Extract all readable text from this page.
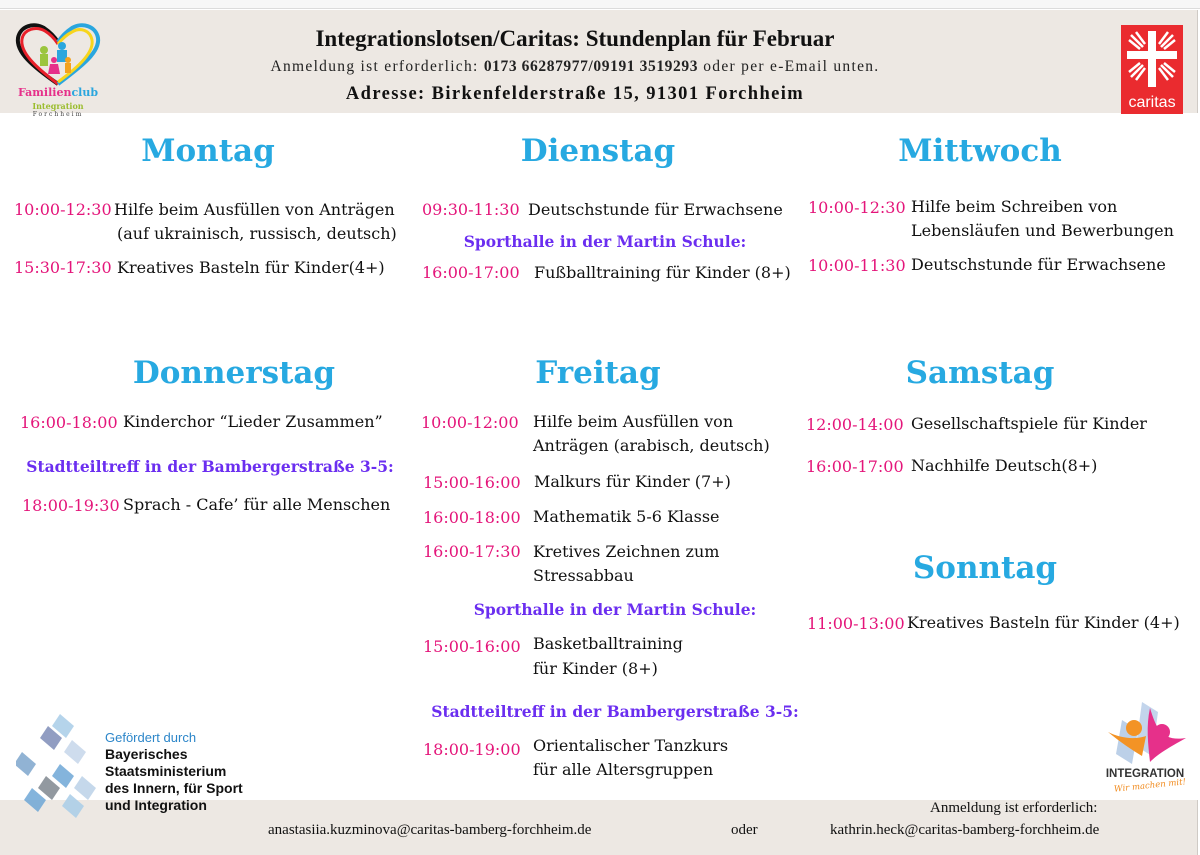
Familienclub
Integration
Forchheim
Integrationslotsen/Caritas: Stundenplan für Februar
Anmeldung ist erforderlich: 0173 66287977/09191 3519293 oder per e-Email unten.
Adresse: Birkenfelderstraße 15, 91301 Forchheim	caritas
Montag
10:00-12:30 Hilfe beim Ausfüllen von Anträgen
(auf ukrainisch, russisch, deutsch)
15:30-17:30 Kreatives Basteln für Kinder(4+)
Dienstag
09:30-11:30 Deutschstunde für Erwachsene
Sporthalle in der Martin Schule:
16:00-17:00 Fußballtraining für Kinder (8+)
Mittwoch
10:00-12:30 Hilfe beim Schreiben von
Lebensläufen und Bewerbungen
10:00-11:30 Deutschstunde für Erwachsene
Donnerstag
16:00-18:00 Kinderchor “Lieder Zusammen”
Stadtteiltreff in der Bambergerstraße 3-5:
18:00-19:30 Sprach - Cafe’ für alle Menschen
Freitag
10:00-12:00 Hilfe beim Ausfüllen von
Anträgen (arabisch, deutsch)
15:00-16:00 Malkurs für Kinder (7+)
16:00-18:00 Mathematik 5-6 Klasse
16:00-17:30 Kretives Zeichnen zum
Stressabbau
Sporthalle in der Martin Schule:
15:00-16:00 Basketballtraining
für Kinder (8+)
Stadtteiltreff in der Bambergerstraße 3-5:
18:00-19:00 Orientalischer Tanzkurs
für alle Altersgruppen
Samstag
12:00-14:00 Gesellschaftspiele für Kinder
16:00-17:00 Nachhilfe Deutsch(8+)
Sonntag
11:00-13:00 Kreatives Basteln für Kinder (4+)
Gefördert durch
Bayerisches
Staatsministerium
des Innern, für Sport
und Integration
INTEGRATION
Wir machen mit!
Anmeldung ist erforderlich:
anastasiia.kuzminova@caritas-bamberg-forchheim.de	oder	kathrin.heck@caritas-bamberg-forchheim.de
